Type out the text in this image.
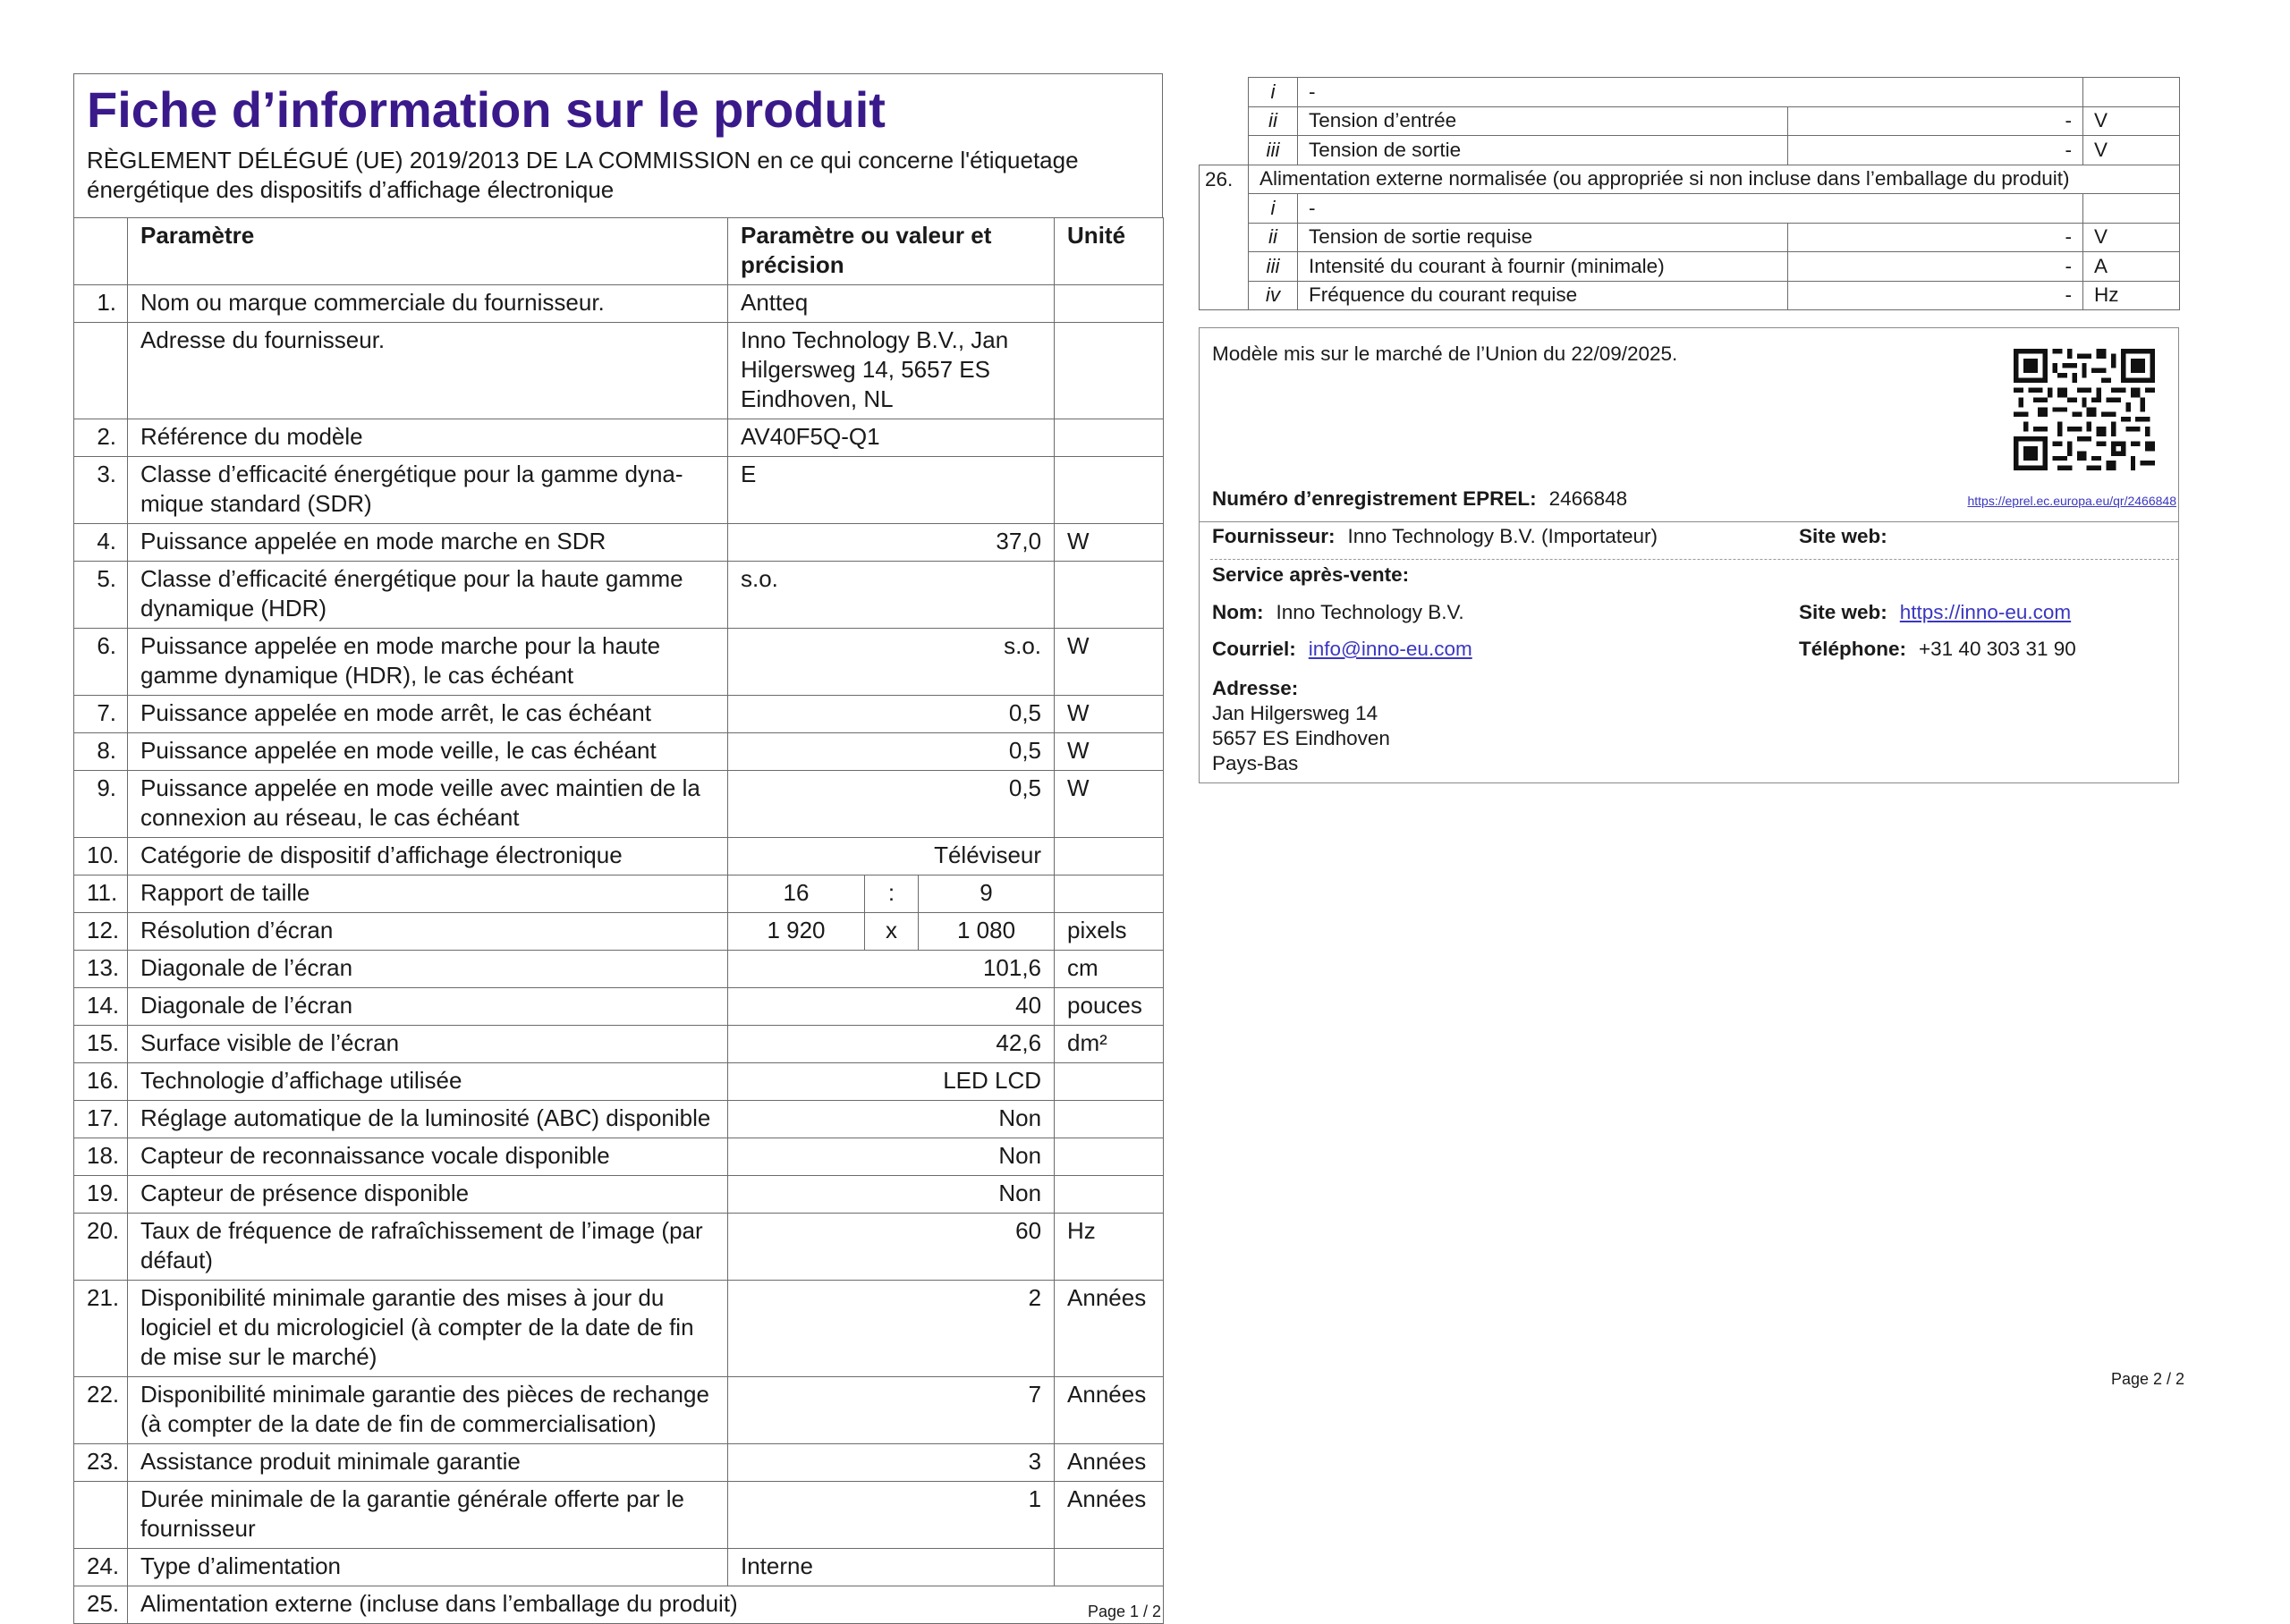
Fiche d’information sur le produit

RÈGLEMENT DÉLÉGUÉ (UE) 2019/2013 DE LA COMMISSION en ce qui concerne l'étiquetage
énergétique des dispositifs d’affichage électronique

	Paramètre	Paramètre ou valeur et précision			Unité
1.	Nom ou marque commerciale du fournisseur.	Antteq			
	Adresse du fournisseur.	Inno Technology B.V., Jan Hilgersweg 14, 5657 ES Eindhoven, NL			
2.	Référence du modèle	AV40F5Q-Q1			
3.	Classe d’efficacité énergétique pour la gamme dynamique standard (SDR)	E			
4.	Puissance appelée en mode marche en SDR	37,0			W
5.	Classe d’efficacité énergétique pour la haute gamme dynamique (HDR)	s.o.			
6.	Puissance appelée en mode marche pour la haute gamme dynamique (HDR), le cas échéant	s.o.			W
7.	Puissance appelée en mode arrêt, le cas échéant	0,5			W
8.	Puissance appelée en mode veille, le cas échéant	0,5			W
9.	Puissance appelée en mode veille avec maintien de la connexion au réseau, le cas échéant	0,5			W
10.	Catégorie de dispositif d’affichage électronique	Téléviseur			
11.	Rapport de taille	16	:	9	
12.	Résolution d’écran	1 920	x	1 080	pixels
13.	Diagonale de l’écran	101,6			cm
14.	Diagonale de l’écran	40			pouces
15.	Surface visible de l’écran	42,6			dm²
16.	Technologie d’affichage utilisée	LED LCD			
17.	Réglage automatique de la luminosité (ABC) disponible	Non			
18.	Capteur de reconnaissance vocale disponible	Non			
19.	Capteur de présence disponible	Non			
20.	Taux de fréquence de rafraîchissement de l’image (par défaut)	60			Hz
21.	Disponibilité minimale garantie des mises à jour du logiciel et du micrologiciel (à compter de la date de fin de mise sur le marché)	2			Années
22.	Disponibilité minimale garantie des pièces de rechange (à compter de la date de fin de commercialisation)	7			Années
23.	Assistance produit minimale garantie	3			Années
	Durée minimale de la garantie générale offerte par le fournisseur	1			Années
24.	Type d’alimentation	Interne			
25.	Alimentation externe (incluse dans l’emballage du produit)					Page 1 / 2
	i	-		
	ii	Tension d’entrée	-	V
	iii	Tension de sortie	-	V
26.	Alimentation externe normalisée (ou appropriée si non incluse dans l’emballage du produit)			
	i	-		
	ii	Tension de sortie requise	-	V
	iii	Intensité du courant à fournir (minimale)	-	A
	iv	Fréquence du courant requise	-	Hz
Modèle mis sur le marché de l’Union du 22/09/2025.
Numéro d’enregistrement EPREL: 2466848	https://eprel.ec.europa.eu/qr/2466848
Fournisseur: Inno Technology B.V. (Importateur)	Site web:
Service après-vente:
Nom: Inno Technology B.V.	Site web: https://inno-eu.com
Courriel: info@inno-eu.com	Téléphone: +31 40 303 31 90
Adresse:
Jan Hilgersweg 14
5657 ES Eindhoven
Pays-Bas
Page 2 / 2
